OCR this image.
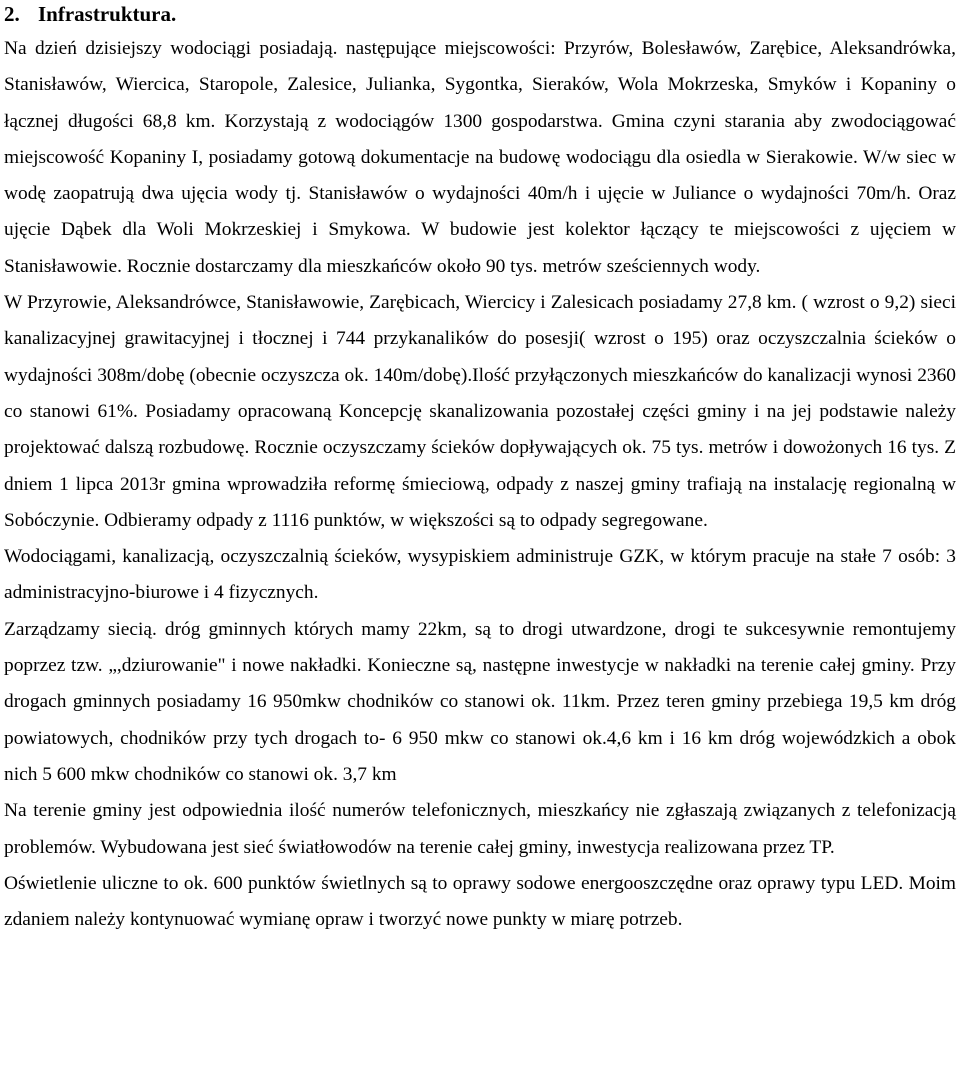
2. Infrastruktura.

Na dzień dzisiejszy wodociągi posiadają. następujące miejscowości: Przyrów, Bolesławów, Zarębice, Aleksandrówka, Stanisławów, Wiercica, Staropole, Zalesice, Julianka, Sygontka, Sieraków, Wola Mokrzeska, Smyków i Kopaniny o łącznej długości 68,8 km. Korzystają z wodociągów 1300 gospodarstwa. Gmina czyni starania aby zwodociągować miejscowość Kopaniny I, posiadamy gotową dokumentacje na budowę wodociągu dla osiedla w Sierakowie. W/w siec w wodę zaopatrują dwa ujęcia wody tj. Stanisławów o wydajności 40m/h i ujęcie w Juliance o wydajności 70m/h. Oraz ujęcie Dąbek dla Woli Mokrzeskiej i Smykowa. W budowie jest kolektor łączący te miejscowości z ujęciem w Stanisławowie. Rocznie dostarczamy dla mieszkańców około 90 tys. metrów sześciennych wody.

W Przyrowie, Aleksandrówce, Stanisławowie, Zarębicach, Wiercicy i Zalesicach posiadamy 27,8 km. ( wzrost o 9,2) sieci kanalizacyjnej grawitacyjnej i tłocznej i 744 przykanalików do posesji( wzrost o 195) oraz oczyszczalnia ścieków o wydajności 308m/dobę (obecnie oczyszcza ok. 140m/dobę).Ilość przyłączonych mieszkańców do kanalizacji wynosi 2360 co stanowi 61%. Posiadamy opracowaną Koncepcję skanalizowania pozostałej części gminy i na jej podstawie należy projektować dalszą rozbudowę. Rocznie oczyszczamy ścieków dopływających ok. 75 tys. metrów i dowożonych 16 tys. Z dniem 1 lipca 2013r gmina wprowadziła reformę śmieciową, odpady z naszej gminy trafiają na instalację regionalną w Sobóczynie. Odbieramy odpady z 1116 punktów, w większości są to odpady segregowane.

Wodociągami, kanalizacją, oczyszczalnią ścieków, wysypiskiem administruje GZK, w którym pracuje na stałe 7 osób: 3 administracyjno-biurowe i 4 fizycznych.

Zarządzamy siecią. dróg gminnych których mamy 22km, są to drogi utwardzone, drogi te sukcesywnie remontujemy poprzez tzw. „,dziurowanie" i nowe nakładki. Konieczne są, następne inwestycje w nakładki na terenie całej gminy. Przy drogach gminnych posiadamy 16 950mkw chodników co stanowi ok. 11km. Przez teren gminy przebiega 19,5 km dróg powiatowych, chodników przy tych drogach to- 6 950 mkw co stanowi ok.4,6 km i 16 km dróg wojewódzkich a obok nich 5 600 mkw chodników co stanowi ok. 3,7 km

Na terenie gminy jest odpowiednia ilość numerów telefonicznych, mieszkańcy nie zgłaszają związanych z telefonizacją problemów. Wybudowana jest sieć światłowodów na terenie całej gminy, inwestycja realizowana przez TP.

Oświetlenie uliczne to ok. 600 punktów świetlnych są to oprawy sodowe energooszczędne oraz oprawy typu LED. Moim zdaniem należy kontynuować wymianę opraw i tworzyć nowe punkty w miarę potrzeb.
